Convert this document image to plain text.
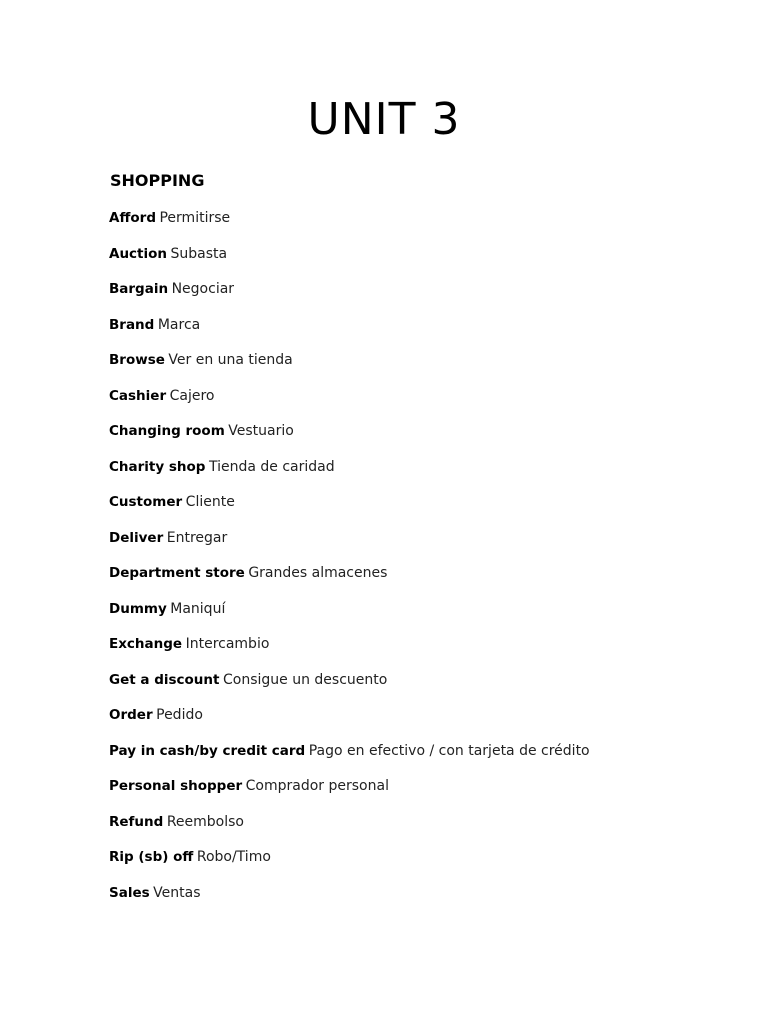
UNIT 3
SHOPPING
Afford Permitirse
Auction Subasta
Bargain Negociar
Brand Marca
Browse Ver en una tienda
Cashier Cajero
Changing room Vestuario
Charity shop Tienda de caridad
Customer Cliente
Deliver Entregar
Department store Grandes almacenes
Dummy Maniquí
Exchange Intercambio
Get a discount Consigue un descuento
Order Pedido
Pay in cash/by credit card Pago en efectivo / con tarjeta de crédito
Personal shopper Comprador personal
Refund Reembolso
Rip (sb) off Robo/Timo
Sales Ventas
